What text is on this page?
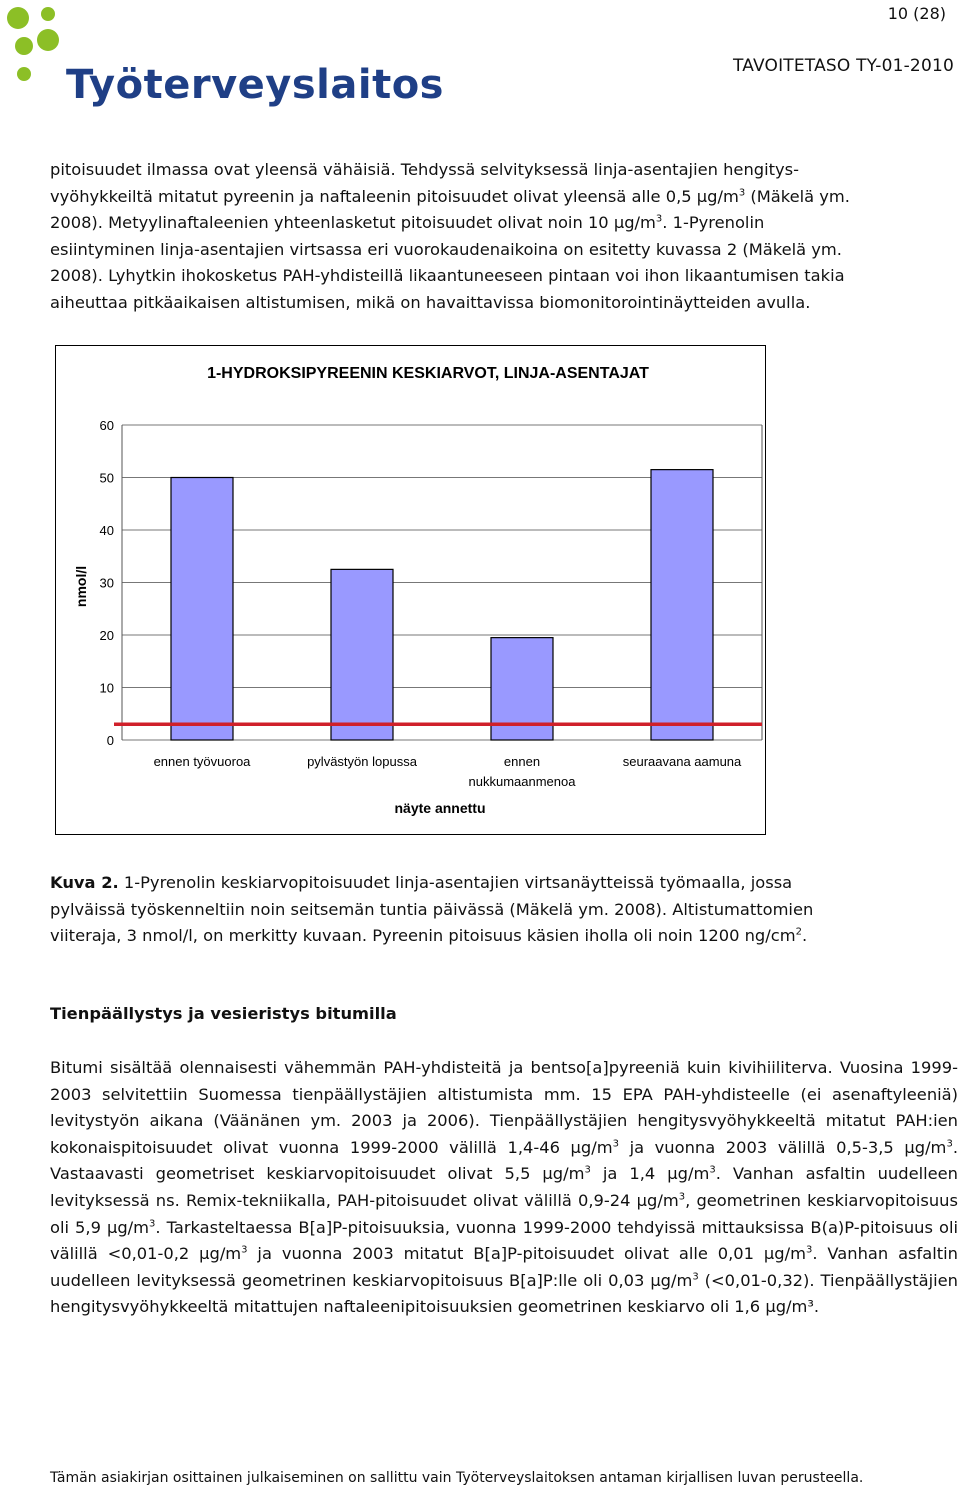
Työterveyslaitos
10 (28)
TAVOITETASO TY-01-2010
pitoisuudet ilmassa ovat yleensä vähäisiä. Tehdyssä selvityksessä linja-asentajien hengitys-
vyöhykkeiltä mitatut pyreenin ja naftaleenin pitoisuudet olivat yleensä alle 0,5 $\mu g/m^3$ (Mäkelä ym.
2008). Metyylinaftaleenien yhteenlasketut pitoisuudet olivat noin 10 $\mu g/m^3$. 1-Pyrenolin
esiintyminen linja-asentajien virtsassa eri vuorokaudenaikoina on esitetty kuvassa 2 (Mäkelä ym.
2008). Lyhytkin ihokosketus PAH-yhdisteillä likaantuneeseen pintaan voi ihon likaantumisen takia
aiheuttaa pitkäaikaisen altistumisen, mikä on havaittavissa biomonitorointinäytteiden avulla.
1-HYDROKSIPYREENIN KESKIARVOT, LINJA-ASENTAJAT
0
10
20
30
40
50
60
nmol/l
ennen työvuoroa	pylvästyön lopussa	ennen
nukkumaanmenoa
seuraavana aamuna
näyte annettu
Kuva 2. 1-Pyrenolin keskiarvopitoisuudet linja-asentajien virtsanäytteissä työmaalla, jossa
pylväissä työskenneltiin noin seitsemän tuntia päivässä (Mäkelä ym. 2008). Altistumattomien
viiteraja, 3 nmol/l, on merkitty kuvaan. Pyreenin pitoisuus käsien iholla oli noin 1200 $ng/cm^2$.
Tienpäällystys ja vesieristys bitumilla
Bitumi sisältää olennaisesti vähemmän PAH-yhdisteitä ja bentso[a]pyreeniä kuin kivihiiliterva. Vuosina 1999-2003 selvitettiin Suomessa tienpäällystäjien altistumista mm. 15 EPA PAH-yhdisteelle (ei asenaftyleeniä) levitystyön aikana (Väänänen ym. 2003 ja 2006). Tienpäällystäjien hengitysvyöhykkeeltä mitatut PAH:ien kokonaispitoisuudet olivat vuonna 1999-2000 välillä 1,4-46 $\mu g/m^3$ ja vuonna 2003 välillä 0,5-3,5 $\mu g/m^3$. Vastaavasti geometriset keskiarvopitoisuudet olivat 5,5 $\mu g/m^3$ ja 1,4 $\mu g/m^3$. Vanhan asfaltin uudelleen levityksessä ns. Remix-tekniikalla, PAH-pitoisuudet olivat välillä 0,9-24 $\mu g/m^3$, geometrinen keskiarvopitoisuus oli 5,9 $\mu g/m^3$. Tarkasteltaessa B[a]P-pitoisuuksia, vuonna 1999-2000 tehdyissä mittauksissa B(a)P-pitoisuus oli välillä <0,01-0,2 $\mu g/m^3$ ja vuonna 2003 mitatut B[a]P-pitoisuudet olivat alle 0,01 $\mu g/m^3$. Vanhan asfaltin uudelleen levityksessä geometrinen keskiarvopitoisuus B[a]P:lle oli 0,03 $\mu g/m^3$ (<0,01-0,32). Tienpäällystäjien hengitysvyöhykkeeltä mitattujen naftaleenipitoisuuksien geometrinen keskiarvo oli 1,6 µg/m³.
Tämän asiakirjan osittainen julkaiseminen on sallittu vain Työterveyslaitoksen antaman kirjallisen luvan perusteella.
